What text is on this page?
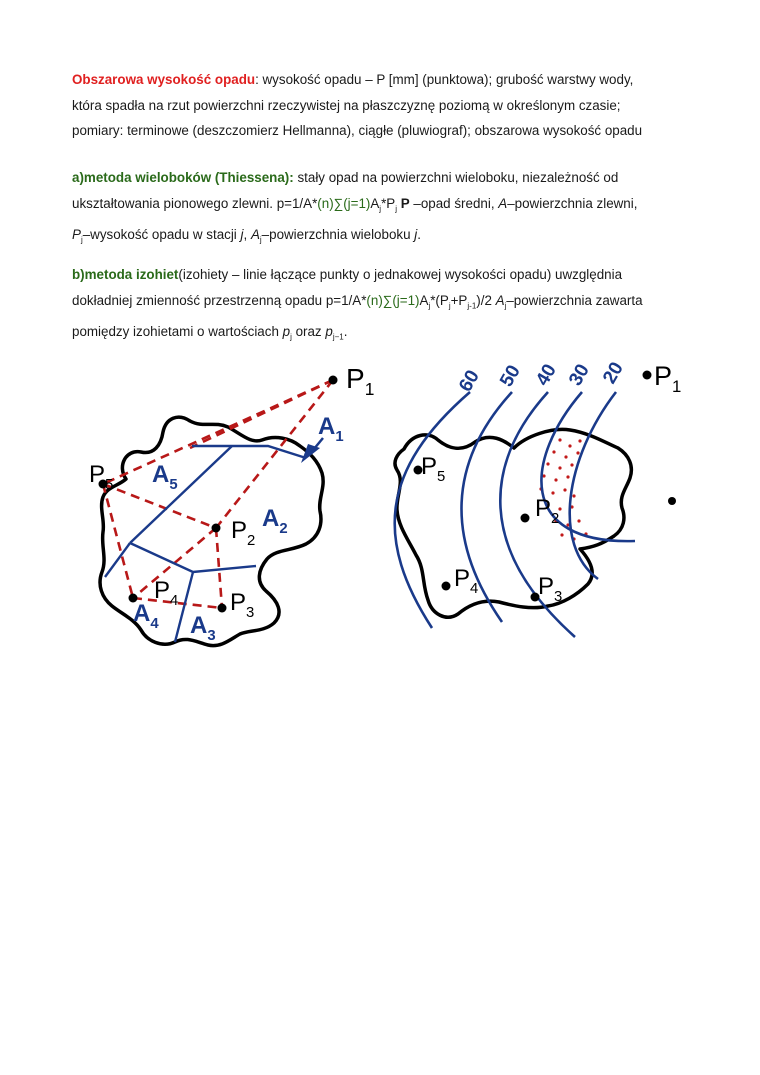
Obszarowa wysokość opadu: wysokość opadu – P [mm] (punktowa); grubość warstwy wody,
która spadła na rzut powierzchni rzeczywistej na płaszczyznę poziomą w określonym czasie;
pomiary: terminowe (deszczomierz Hellmanna), ciągłe (pluwiograf); obszarowa wysokość opadu
a)metoda wieloboków (Thiessena): stały opad na powierzchni wieloboku, niezależność od
ukształtowania pionowego zlewni. $p=1/A*(n)\sum(j=1)A_j*P_j$ P –opad średni, A–powierzchnia zlewni,
$P_j$–wysokość opadu w stacji j, $A_j$–powierzchnia wieloboku j.
b)metoda izohiet(izohiety – linie łączące punkty o jednakowej wysokości opadu) uwzględnia
dokładniej zmienność przestrzenną opadu $p=1/A*(n)\sum(j=1)A_j*(P_j+P_{j-1})/2$ $A_j$–powierzchnia zawarta
pomiędzy izohietami o wartościach $p_j$ oraz $p_{j-1}$.
$P_1$
$P_5$
$P_2$
$P_4$ $P_3$
$A_1$
$A_5$
$A_2$
$A_4$ $A_3$
60 50 40 30 20 $P_1$
$P_5$
$P_2$
$P_4$ $P_3$
